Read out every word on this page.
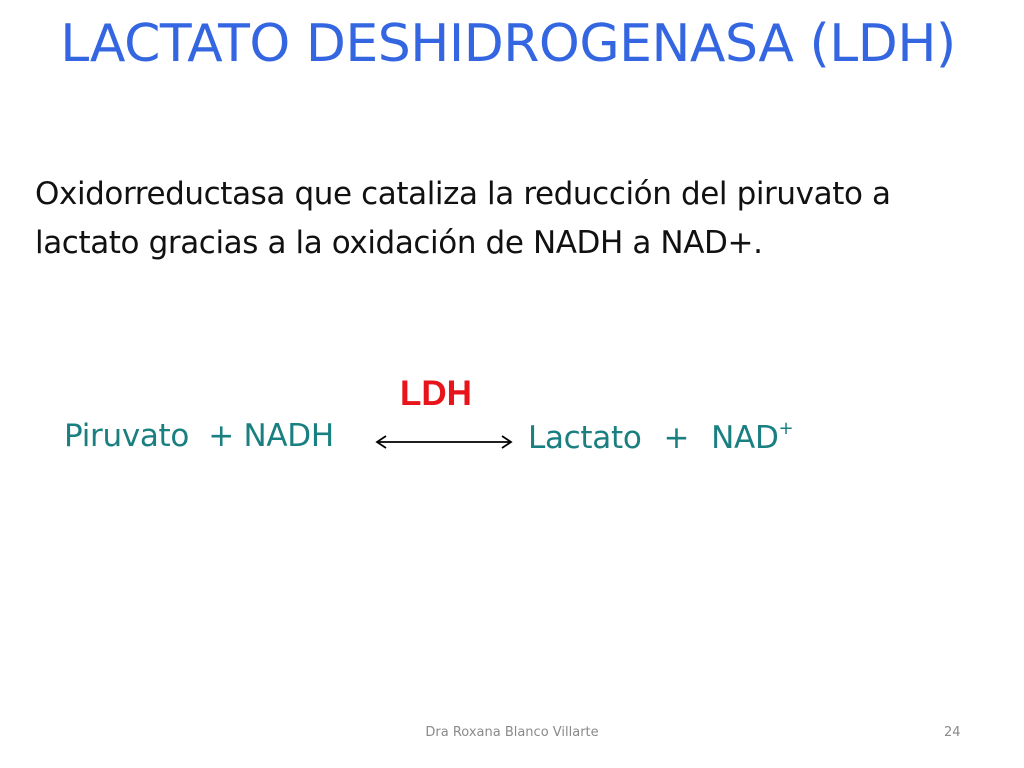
LACTATO DESHIDROGENASA (LDH)

Oxidorreductasa que cataliza la reducción del piruvato a
lactato gracias a la oxidación de NADH a NAD+.

LDH
Piruvato + NADH	Lactato + NAD+
Dra Roxana Blanco Villarte	24
